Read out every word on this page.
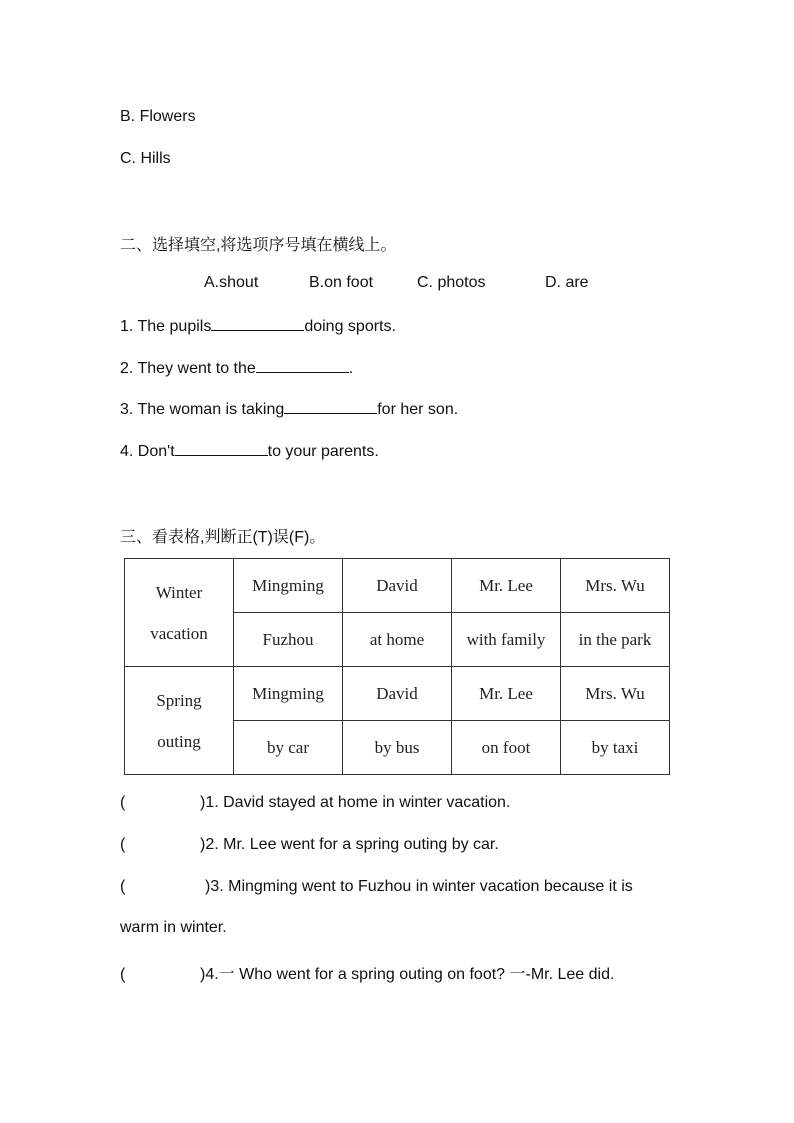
B. Flowers
C. Hills
二、选择填空,将选项序号填在横线上。
A.shout	B.on foot	C. photos	D. are
1. The pupils	doing sports.
2. They went to the	.
3. The woman is taking	for her son.
4. Don't	to your parents.
三、看表格,判断正(T)误(F)。
Winter
vacation	Mingming	David	Mr. Lee	Mrs. Wu
	Fuzhou	at home	with family	in the park

Spring
outing	Mingming	David	Mr. Lee	Mrs. Wu
	by car	by bus	on foot	by taxi
(	)1. David stayed at home in winter vacation.
(	)2. Mr. Lee went for a spring outing by car.
(	)3. Mingming went to Fuzhou in winter vacation because it is
warm in winter.
(	)4.一 Who went for a spring outing on foot? 一-Mr. Lee did.
